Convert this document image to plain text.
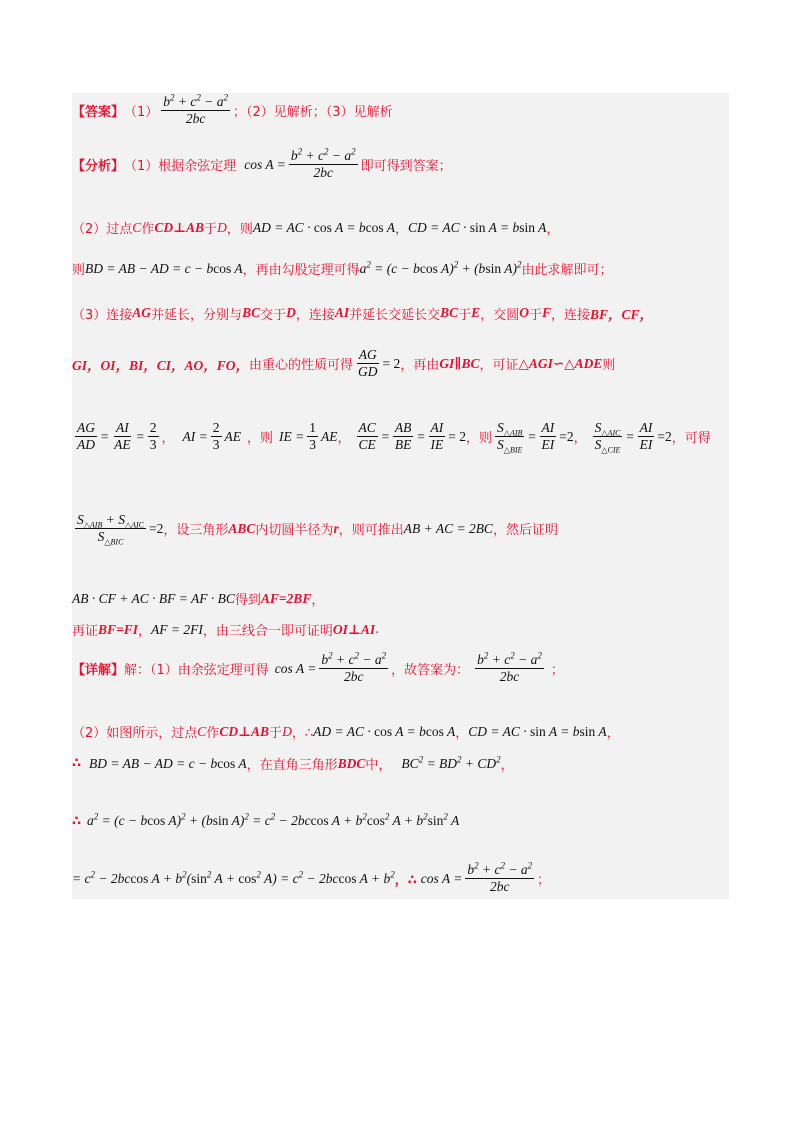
【答案】 $(1) \frac{b^2 + c^2 - a^2}{2bc}$ ；（2）见解析；（3）见解析
【分析】 （1）根据余弦定理 $\cos A = \frac{b^2 + c^2 - a^2}{2bc}$ 即可得到答案；
（2）过点 C 作 CD⊥AB 于 D ，则 AD = AC · cos A = bcos A ， CD = AC · sin A = bsin A ，
则 BD = AB − AD = c − bcos A ，再由勾股定理可得 $a^2 = (c - bcos$ A)$^2$ + (bsin A)$^2$ 由此求解即可；
（3）连接 AG 并延长，分别与 BC 交于 D ，连接 AI 并延长交延长交 BC 于 E ，交圆 O 于 F ，连接 BF，CF，
GI，OI，BI，CI，AO，FO， 由重心的性质可得 $\frac{AG}{GD} = 2$ ，再由 GI∥BC ，可证 △AGI∽△ADE 则
$\frac{AG}{AD} = \frac{AI}{AE} = \frac{2}{3}$ ， AI = $\frac{2}{3}$ AE ，则 IE = $\frac{1}{3}$ AE ， $\frac{AC}{CE} = \frac{AB}{BE} = \frac{AI}{IE} = 2$ ，则 $\frac{S_{\triangle AIB}}{S_{\triangle BIE}} = \frac{AI}{EI} =2$ ， $\frac{S_{\triangle AIC}}{S_{\triangle CIE}} = \frac{AI}{EI} =2$ ，可得
$\frac{S_{\triangle AIB} + S_{\triangle AIC}}{S_{\triangle BIC}} =2$ ，设三角形 ABC 内切圆半径为 r ，则可推出 AB + AC = 2BC ，然后证明
AB · CF + AC · BF = AF · BC 得到 AF=2BF ，
再证 BF=FI ， AF = 2FI ，由三线合一即可证明 OI⊥AI .
【详解】 解：（1）由余弦定理可得 $\cos A = \frac{b^2 + c^2 - a^2}{2bc}$ ，故答案为： $\frac{b^2 + c^2 - a^2}{2bc}$ ；
（2）如图所示，过点 C 作 CD⊥AB 于 D ，∴ AD = AC · cos A = bcos A ， CD = AC · sin A = bsin A ，
∴ BD = AB − AD = c − bcos A ，在直角三角形 BDC 中， $BC^2 = BD^2 + CD^2$ ，
∴ $a^2 = (c - bcos$ A)$^2$ + (bsin $A)^2 = c^2 - 2bccos$ $A + b^2\cos^2$ $A + b^2\sin^2$ A
= $c^2 - 2bccos$ $A + b^2(\sin^2$ $A + \cos^2 A) = c^2 - 2bccos$ $A + b^2$ ，∴ $\cos A = \frac{b^2 + c^2 - a^2}{2bc}$ ；
